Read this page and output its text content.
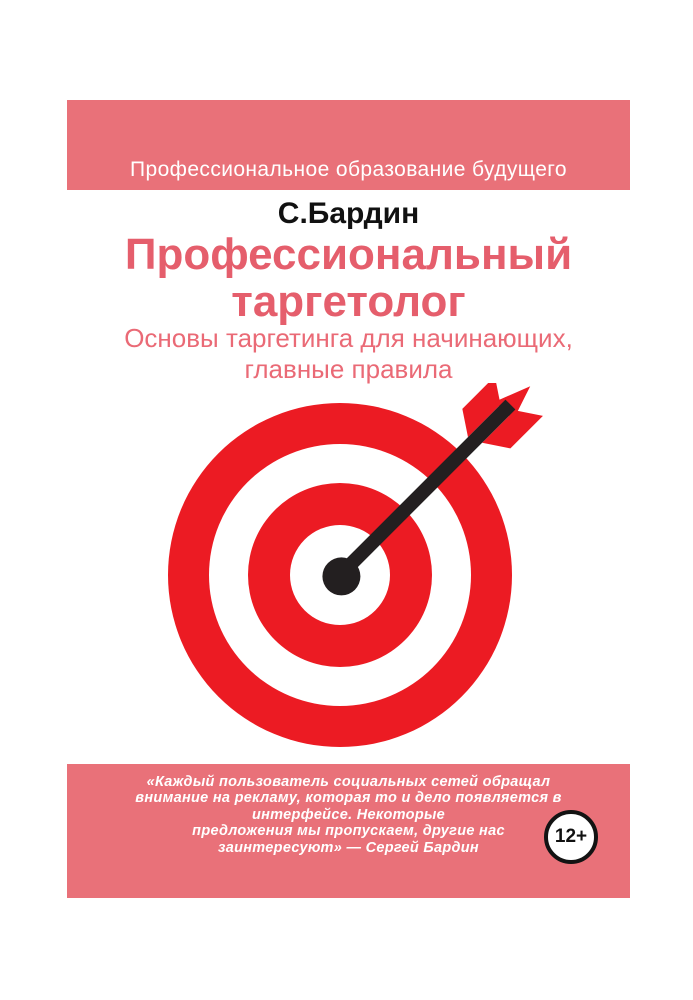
Профессиональное образование будущего
С.Бардин
Профессиональный таргетолог
Основы таргетинга для начинающих, главные правила
«Каждый пользователь социальных сетей обращал
внимание на рекламу, которая то и дело появляется в
интерфейсе. Некоторые
предложения мы пропускаем, другие нас
заинтересуют» — Сергей Бардин
12+
